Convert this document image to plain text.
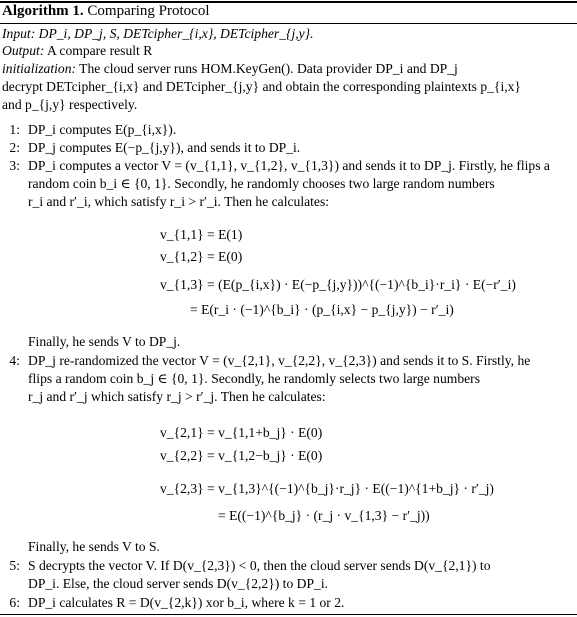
Algorithm 1. Comparing Protocol
Input: DP_i, DP_j, S, DETcipher_{i,x}, DETcipher_{j,y}.
Output: A compare result R
initialization: The cloud server runs HOM.KeyGen(). Data provider DP_i and DP_j
decrypt DETcipher_{i,x} and DETcipher_{j,y} and obtain the corresponding plaintexts p_{i,x}
and p_{j,y} respectively.
1: DP_i computes E(p_{i,x}).
2: DP_j computes E(−p_{j,y}), and sends it to DP_i.
3: DP_i computes a vector V = (v_{1,1}, v_{1,2}, v_{1,3}) and sends it to DP_j. Firstly, he flips a
random coin b_i ∈ {0, 1}. Secondly, he randomly chooses two large random numbers
r_i and r′_i, which satisfy r_i > r′_i. Then he calculates:
v_{1,1} = E(1)
v_{1,2} = E(0)
v_{1,3} = (E(p_{i,x}) · E(−p_{j,y}))^{(−1)^{b_i}·r_i} · E(−r′_i)
= E(r_i · (−1)^{b_i} · (p_{i,x} − p_{j,y}) − r′_i)
Finally, he sends V to DP_j.
4: DP_j re-randomized the vector V = (v_{2,1}, v_{2,2}, v_{2,3}) and sends it to S. Firstly, he
flips a random coin b_j ∈ {0, 1}. Secondly, he randomly selects two large numbers
r_j and r′_j which satisfy r_j > r′_j. Then he calculates:
v_{2,1} = v_{1,1+b_j} · E(0)
v_{2,2} = v_{1,2−b_j} · E(0)
v_{2,3} = v_{1,3}^{(−1)^{b_j}·r_j} · E((−1)^{1+b_j} · r′_j)
= E((−1)^{b_j} · (r_j · v_{1,3} − r′_j))
Finally, he sends V to S.
5: S decrypts the vector V. If D(v_{2,3}) < 0, then the cloud server sends D(v_{2,1}) to
DP_i. Else, the cloud server sends D(v_{2,2}) to DP_i.
6: DP_i calculates R = D(v_{2,k}) xor b_i, where k = 1 or 2.
